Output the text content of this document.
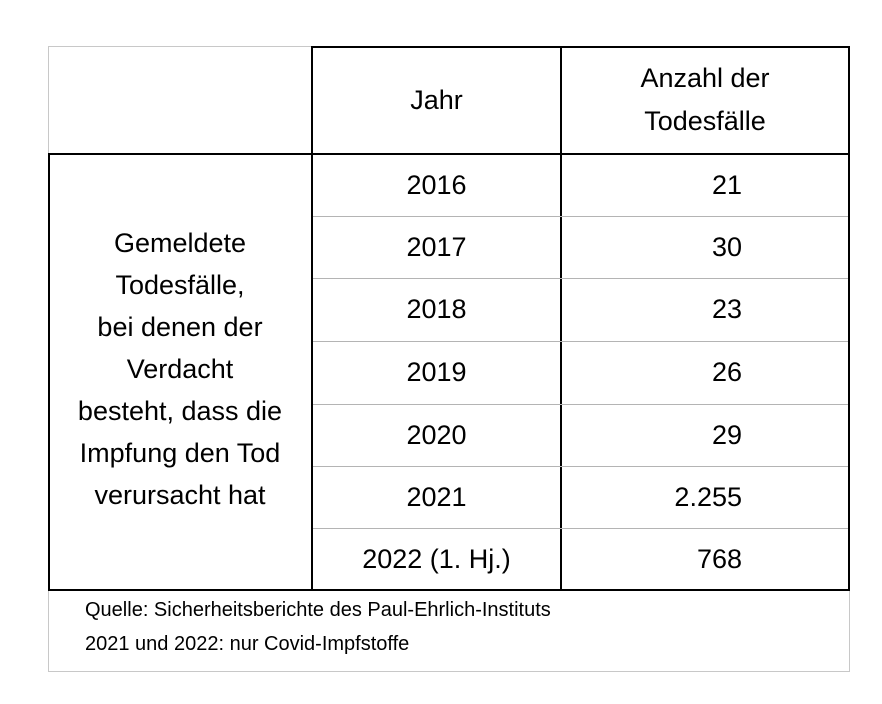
Jahr
Anzahl der
Todesfälle
Gemeldete
Todesfälle,
bei denen der
Verdacht
besteht, dass die
Impfung den Tod
verursacht hat
2016
2017
2018
2019
2020
2021
2022 (1. Hj.)
21
30
23
26
29
2.255
768
Quelle: Sicherheitsberichte des Paul-Ehrlich-Instituts
2021 und 2022: nur Covid-Impfstoffe
